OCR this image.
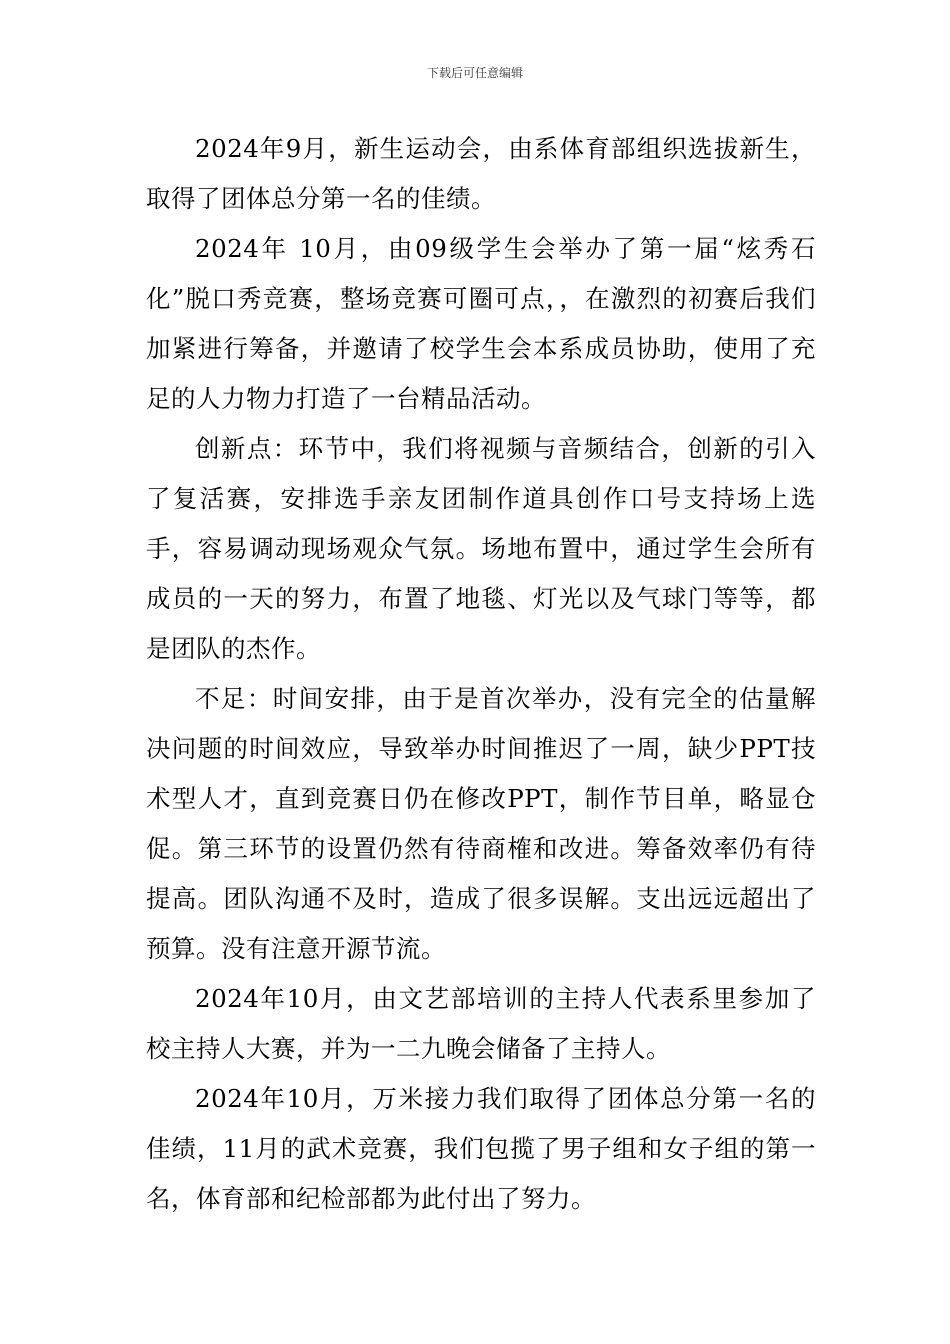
下载后可任意编辑

2024年9月，新生运动会，由系体育部组织选拔新生，取得了团体总分第一名的佳绩。

2024年 10月，由09级学生会举办了第一届“炫秀石化”脱口秀竞赛，整场竞赛可圈可点，，在激烈的初赛后我们加紧进行筹备，并邀请了校学生会本系成员协助，使用了充足的人力物力打造了一台精品活动。

创新点：环节中，我们将视频与音频结合，创新的引入了复活赛，安排选手亲友团制作道具创作口号支持场上选手，容易调动现场观众气氛。场地布置中，通过学生会所有成员的一天的努力，布置了地毯、灯光以及气球门等等，都是团队的杰作。

不足：时间安排，由于是首次举办，没有完全的估量解决问题的时间效应，导致举办时间推迟了一周，缺少PPT技术型人才，直到竞赛日仍在修改PPT，制作节目单，略显仓促。第三环节的设置仍然有待商榷和改进。筹备效率仍有待提高。团队沟通不及时，造成了很多误解。支出远远超出了预算。没有注意开源节流。

2024年10月，由文艺部培训的主持人代表系里参加了校主持人大赛，并为一二九晚会储备了主持人。

2024年10月，万米接力我们取得了团体总分第一名的佳绩，11月的武术竞赛，我们包揽了男子组和女子组的第一名，体育部和纪检部都为此付出了努力。
